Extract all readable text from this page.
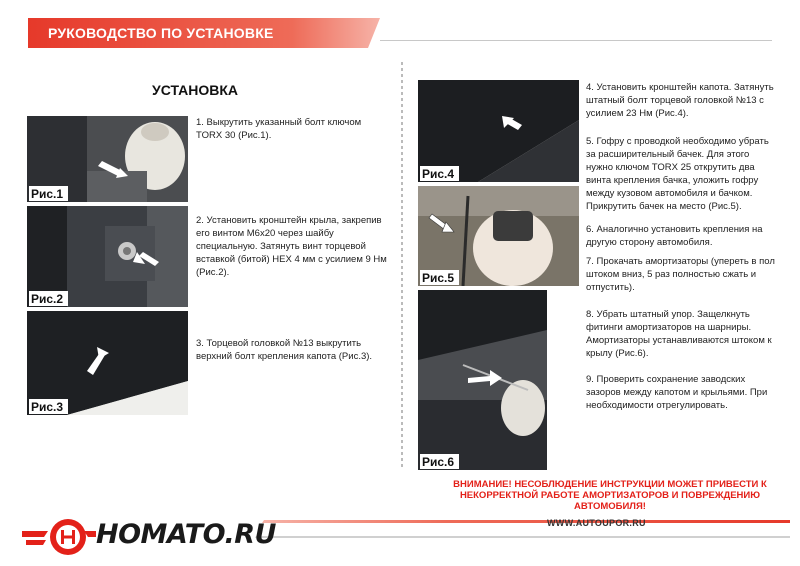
РУКОВОДСТВО ПО УСТАНОВКЕ
УСТАНОВКА
Рис.1
Рис.2
Рис.3
1. Выкрутить указанный болт ключом
TORX 30 (Рис.1).
2. Установить кронштейн крыла, закрепив
его винтом М6х20 через шайбу
специальную. Затянуть винт торцевой
вставкой (битой) HEX 4 мм с усилием 9 Нм
(Рис.2).
3. Торцевой головкой №13 выкрутить
верхний болт крепления капота (Рис.3).
Рис.4
Рис.5
Рис.6
4. Установить кронштейн капота. Затянуть
штатный болт торцевой головкой №13 с
усилием 23 Нм (Рис.4).
5. Гофру с проводкой необходимо убрать
за расширительный бачек. Для этого
нужно ключом TORX 25 открутить два
винта крепления бачка, уложить гофру
между кузовом автомобиля и бачком.
Прикрутить бачек на место (Рис.5).
6. Аналогично установить крепления на
другую сторону автомобиля.
7. Прокачать амортизаторы (упереть в пол
штоком вниз, 5 раз полностью сжать и
отпустить).
8. Убрать штатный упор. Защелкнуть
фитинги амортизаторов на шарниры.
Амортизаторы устанавливаются штоком к
крылу (Рис.6).
9. Проверить сохранение заводских
зазоров между капотом и крыльями. При
необходимости отрегулировать.
ВНИМАНИЕ! НЕСОБЛЮДЕНИЕ ИНСТРУКЦИИ МОЖЕТ ПРИВЕСТИ К
НЕКОРРЕКТНОЙ РАБОТЕ АМОРТИЗАТОРОВ И ПОВРЕЖДЕНИЮ
АВТОМОБИЛЯ!
WWW.AUTOUPOR.RU
HOMATO.RU
